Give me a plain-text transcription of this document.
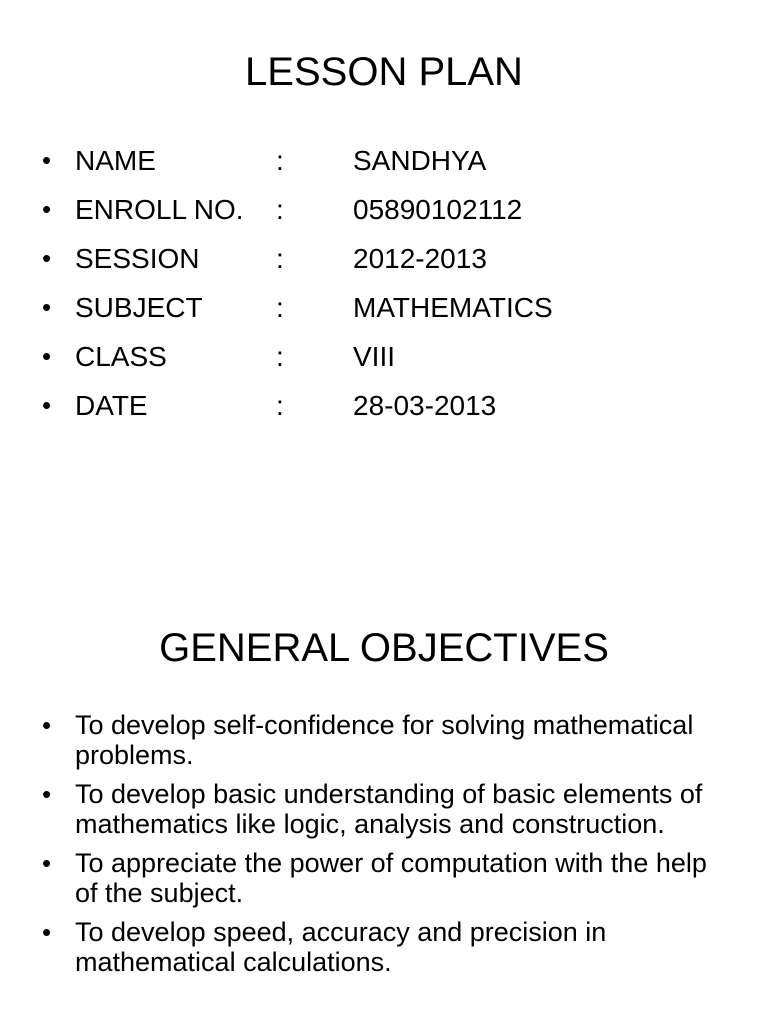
LESSON PLAN
• NAME	: SANDHYA
• ENROLL NO. : 05890102112
• SESSION	: 2012-2013
• SUBJECT	: MATHEMATICS
• CLASS	: VIII
• DATE	: 28-03-2013
GENERAL OBJECTIVES
• To develop self-confidence for solving mathematical problems.
• To develop basic understanding of basic elements of mathematics like logic, analysis and construction.
• To appreciate the power of computation with the help of the subject.
• To develop speed, accuracy and precision in mathematical calculations.
